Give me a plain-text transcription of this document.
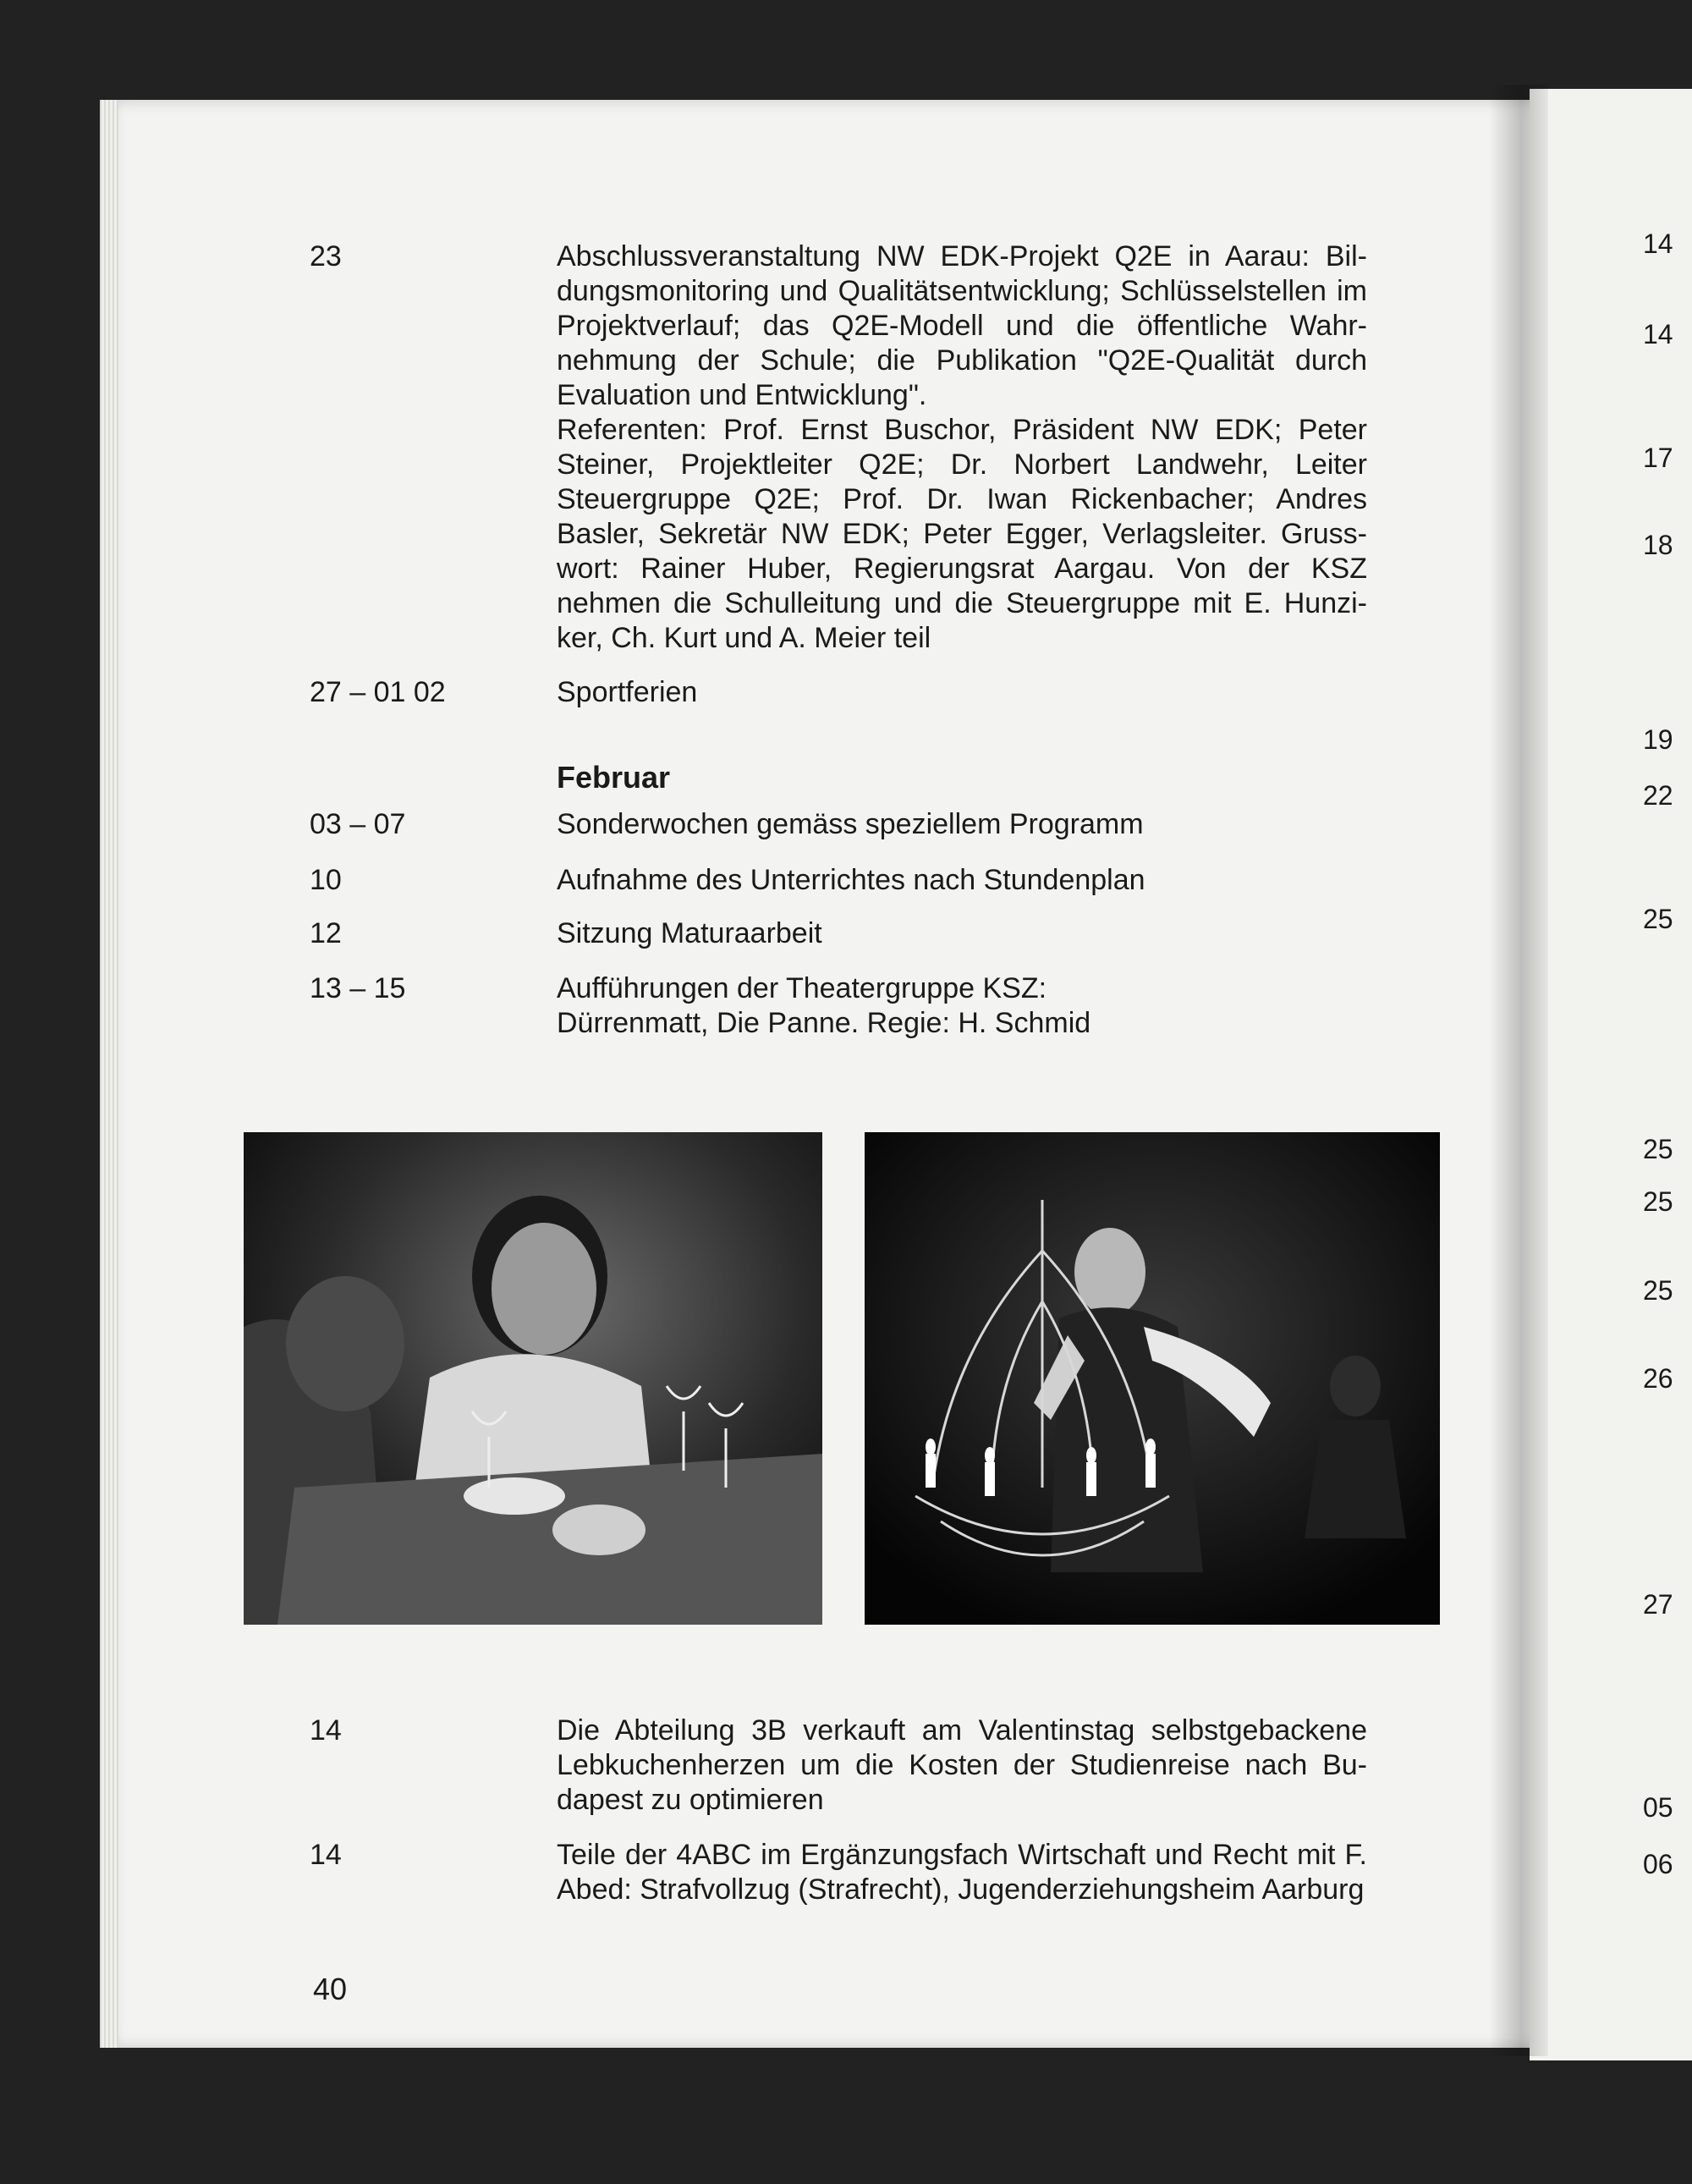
23	Abschlussveranstaltung NW EDK-Projekt Q2E in Aarau: Bil-dungsmonitoring und Qualitätsentwicklung; Schlüsselstellen im Projektverlauf; das Q2E-Modell und die öffentliche Wahr-nehmung der Schule; die Publikation "Q2E-Qualität durch Evaluation und Entwicklung".
Referenten: Prof. Ernst Buschor, Präsident NW EDK; Peter Steiner, Projektleiter Q2E; Dr. Norbert Landwehr, Leiter Steuergruppe Q2E; Prof. Dr. Iwan Rickenbacher; Andres Basler, Sekretär NW EDK; Peter Egger, Verlagsleiter. Gruss-wort: Rainer Huber, Regierungsrat Aargau. Von der KSZ nehmen die Schulleitung und die Steuergruppe mit E. Hunzi-ker, Ch. Kurt und A. Meier teil
27 – 01 02	Sportferien
Februar
03 – 07	Sonderwochen gemäss speziellem Programm
10	Aufnahme des Unterrichtes nach Stundenplan
12	Sitzung Maturaarbeit
13 – 15	Aufführungen der Theatergruppe KSZ: Dürrenmatt, Die Panne. Regie: H. Schmid
14	Die Abteilung 3B verkauft am Valentinstag selbstgebackene Lebkuchenherzen um die Kosten der Studienreise nach Bu-dapest zu optimieren
14	Teile der 4ABC im Ergänzungsfach Wirtschaft und Recht mit F. Abed: Strafvollzug (Strafrecht), Jugenderziehungsheim Aarburg
40
14
14
17
18
19
22
25
25
25
25
26
27
05
06
